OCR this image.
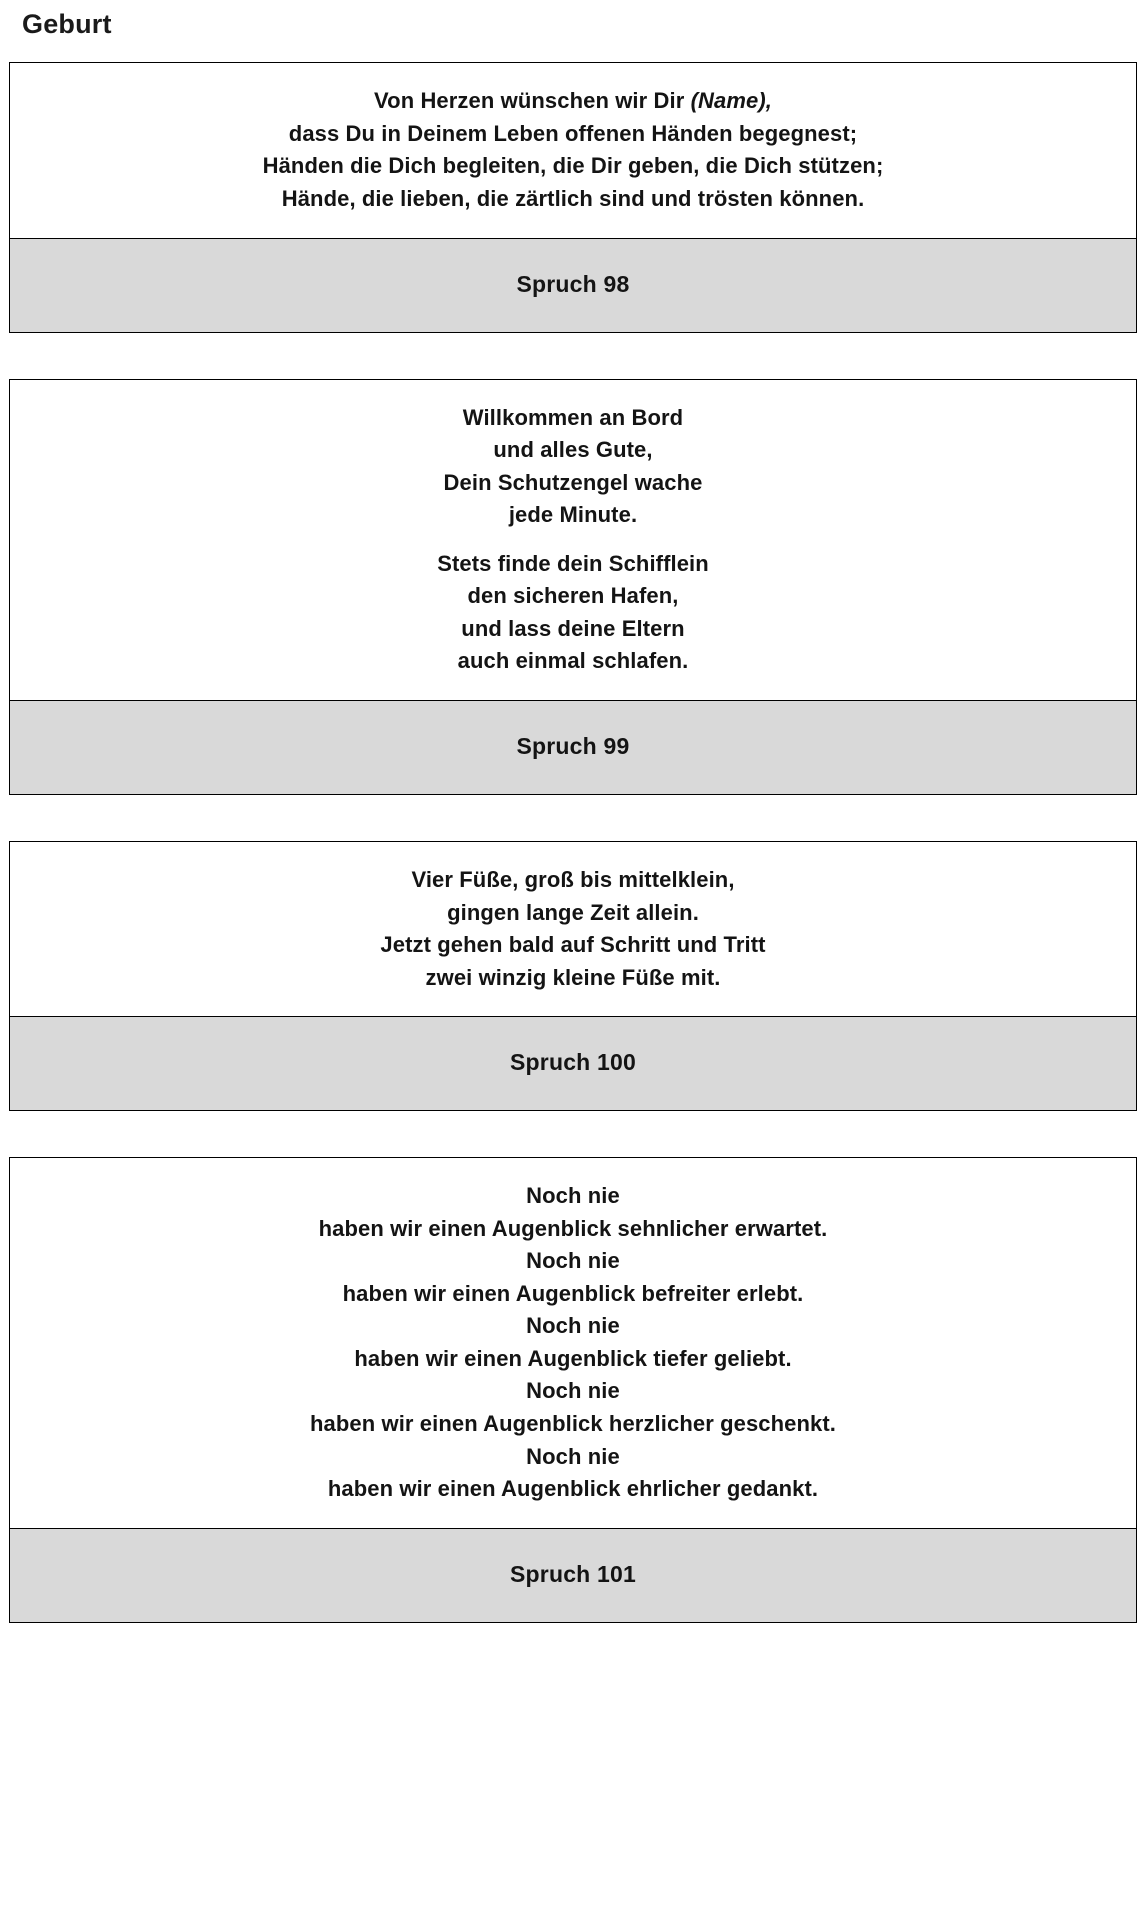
Geburt
Von Herzen wünschen wir Dir (Name),
dass Du in Deinem Leben offenen Händen begegnest;
Händen die Dich begleiten, die Dir geben, die Dich stützen;
Hände, die lieben, die zärtlich sind und trösten können.

Spruch 98

Willkommen an Bord
und alles Gute,
Dein Schutzengel wache
jede Minute.
Stets finde dein Schifflein
den sicheren Hafen,
und lass deine Eltern
auch einmal schlafen.

Spruch 99

Vier Füße, groß bis mittelklein,
gingen lange Zeit allein.
Jetzt gehen bald auf Schritt und Tritt
zwei winzig kleine Füße mit.

Spruch 100

Noch nie
haben wir einen Augenblick sehnlicher erwartet.
Noch nie
haben wir einen Augenblick befreiter erlebt.
Noch nie
haben wir einen Augenblick tiefer geliebt.
Noch nie
haben wir einen Augenblick herzlicher geschenkt.
Noch nie
haben wir einen Augenblick ehrlicher gedankt.

Spruch 101
